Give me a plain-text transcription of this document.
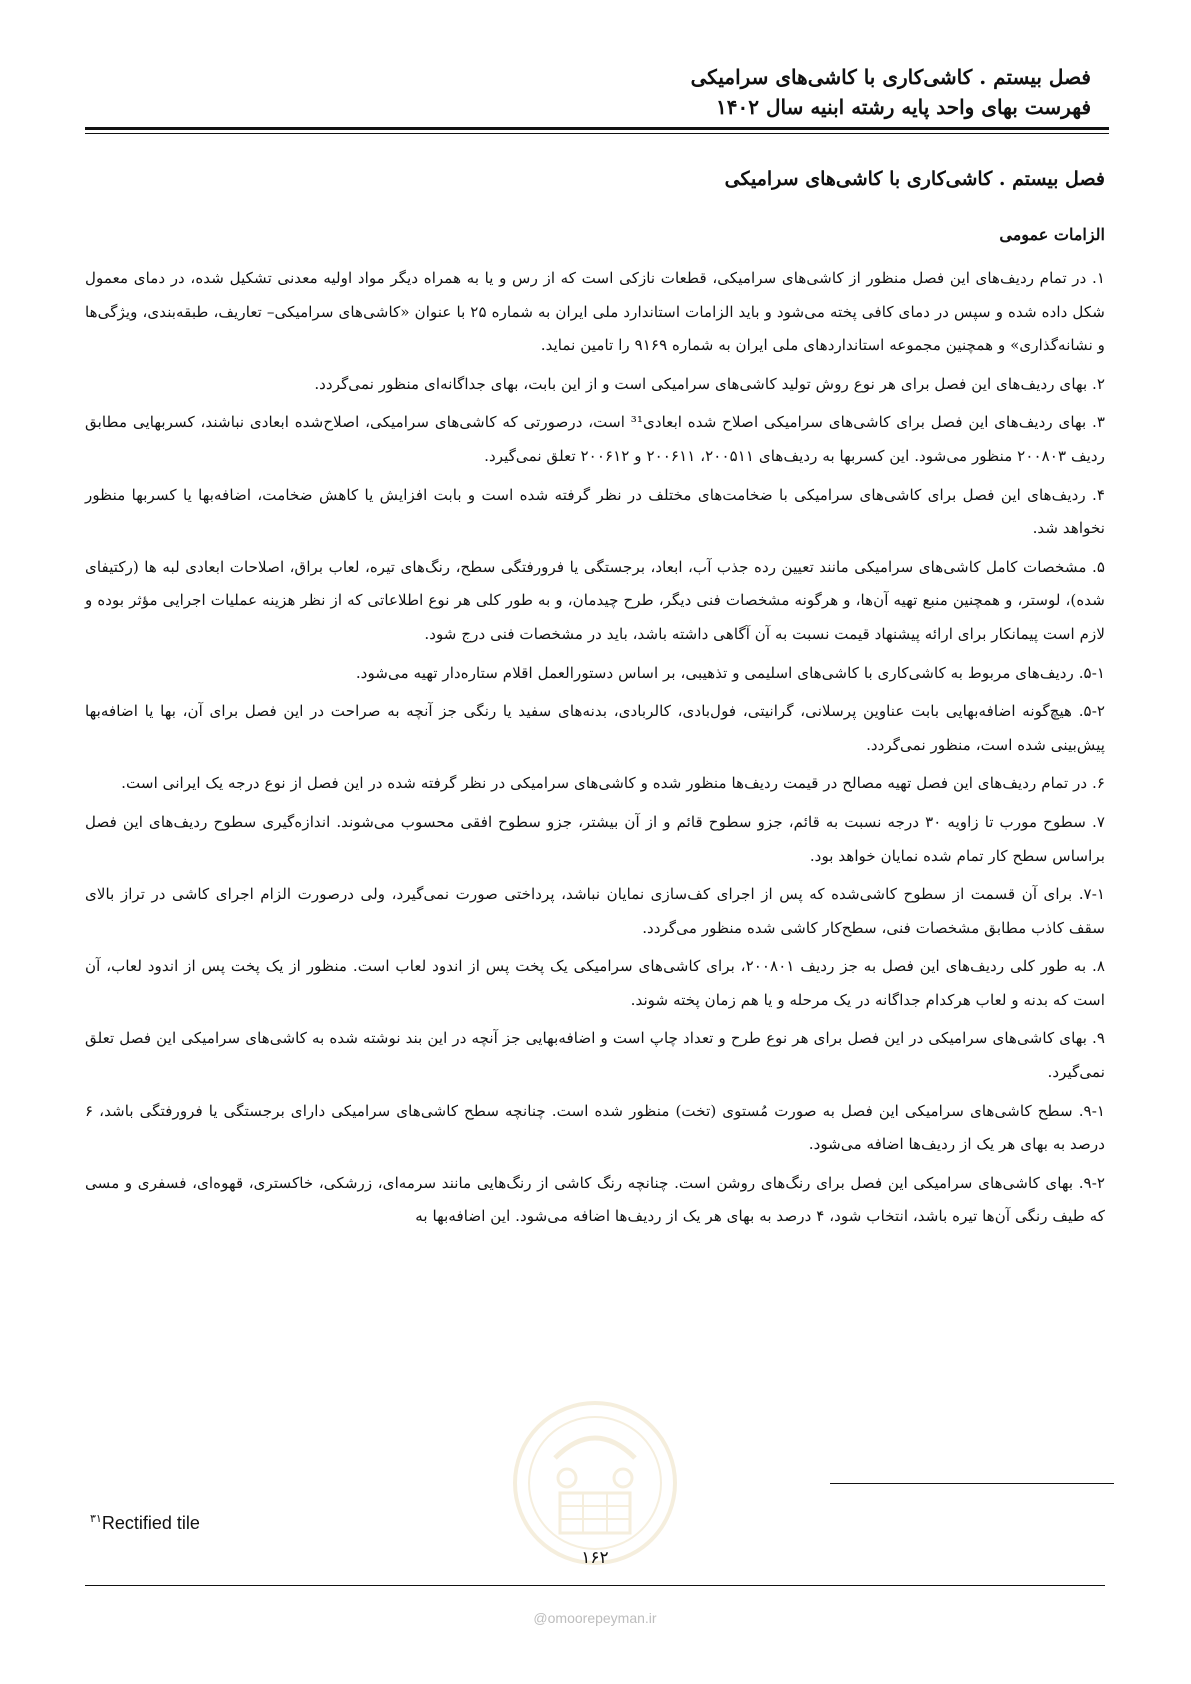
فصل بیستم . کاشی‌کاری با کاشی‌های سرامیکی
فهرست بهای واحد پایه رشته ابنیه سال ۱۴۰۲
فصل بیستم . کاشی‌کاری با کاشی‌های سرامیکی
الزامات عمومی

۱. در تمام ردیف‌های این فصل منظور از کاشی‌های سرامیکی، قطعات نازکی است که از رس و یا به همراه دیگر مواد اولیه معدنی تشکیل شده، در دمای معمول شکل داده شده و سپس در دمای کافی پخته می‌شود و باید الزامات استاندارد ملی ایران به شماره ۲۵ با عنوان «کاشی‌های سرامیکی– تعاریف، طبقه‌بندی، ویژگی‌ها و نشانه‌گذاری» و همچنین مجموعه استانداردهای ملی ایران به شماره ۹۱۶۹ را تامین نماید.

۲. بهای ردیف‌های این فصل برای هر نوع روش تولید کاشی‌های سرامیکی است و از این بابت، بهای جداگانه‌ای منظور نمی‌گردد.

۳. بهای ردیف‌های این فصل برای کاشی‌های سرامیکی اصلاح شده ابعادی³¹ است، درصورتی که کاشی‌های سرامیکی، اصلاح‌شده ابعادی نباشند، کسربهایی مطابق ردیف ۲۰۰۸۰۳ منظور می‌شود. این کسربها به ردیف‌های ۲۰۰۵۱۱، ۲۰۰۶۱۱ و ۲۰۰۶۱۲ تعلق نمی‌گیرد.

۴. ردیف‌های این فصل برای کاشی‌های سرامیکی با ضخامت‌های مختلف در نظر گرفته شده است و بابت افزایش یا کاهش ضخامت، اضافه‌بها یا کسربها منظور نخواهد شد.

۵. مشخصات کامل کاشی‌های سرامیکی مانند تعیین رده جذب آب، ابعاد، برجستگی یا فرورفتگی سطح، رنگ‌های تیره، لعاب براق، اصلاحات ابعادی لبه ها (رکتیفای شده)، لوستر، و همچنین منبع تهیه آن‌ها، و هرگونه مشخصات فنی دیگر، طرح چیدمان، و به طور کلی هر نوع اطلاعاتی که از نظر هزینه عملیات اجرایی مؤثر بوده و لازم است پیمانکار برای ارائه پیشنهاد قیمت نسبت به آن آگاهی داشته باشد، باید در مشخصات فنی درج شود.

۵-۱. ردیف‌های مربوط به کاشی‌کاری با کاشی‌های اسلیمی و تذهیبی، بر اساس دستورالعمل اقلام ستاره‌دار تهیه می‌شود.

۵-۲. هیچ‌گونه اضافه‌بهایی بابت عناوین پرسلانی، گرانیتی، فول‌بادی، کالربادی، بدنه‌های سفید یا رنگی جز آنچه به صراحت در این فصل برای آن، بها یا اضافه‌بها پیش‌بینی شده است، منظور نمی‌گردد.

۶. در تمام ردیف‌های این فصل تهیه مصالح در قیمت ردیف‌ها منظور شده و کاشی‌های سرامیکی در نظر گرفته شده در این فصل از نوع درجه یک ایرانی است.

۷. سطوح مورب تا زاویه ۳۰ درجه نسبت به قائم، جزو سطوح قائم و از آن بیشتر، جزو سطوح افقی محسوب می‌شوند. اندازه‌گیری سطوح ردیف‌های این فصل براساس سطح کار تمام شده نمایان خواهد بود.

۷-۱. برای آن قسمت از سطوح کاشی‌شده که پس از اجرای کف‌سازی نمایان نباشد، پرداختی صورت نمی‌گیرد، ولی درصورت الزام اجرای کاشی در تراز بالای سقف کاذب مطابق مشخصات فنی، سطح‌کار کاشی شده منظور می‌گردد.

۸. به طور کلی ردیف‌های این فصل به جز ردیف ۲۰۰۸۰۱، برای کاشی‌های سرامیکی یک پخت پس از اندود لعاب است. منظور از یک پخت پس از اندود لعاب، آن است که بدنه و لعاب هرکدام جداگانه در یک مرحله و یا هم زمان پخته شوند.

۹. بهای کاشی‌های سرامیکی در این فصل برای هر نوع طرح و تعداد چاپ است و اضافه‌بهایی جز آنچه در این بند نوشته شده به کاشی‌های سرامیکی این فصل تعلق نمی‌گیرد.

۹-۱. سطح کاشی‌های سرامیکی این فصل به صورت مُستوی (تخت) منظور شده است. چنانچه سطح کاشی‌های سرامیکی دارای برجستگی یا فرورفتگی باشد، ۶ درصد به بهای هر یک از ردیف‌ها اضافه می‌شود.

۹-۲. بهای کاشی‌های سرامیکی این فصل برای رنگ‌های روشن است. چنانچه رنگ کاشی از رنگ‌هایی مانند سرمه‌ای، زرشکی، خاکستری، قهوه‌ای، فسفری و مسی که طیف رنگی آن‌ها تیره باشد، انتخاب شود، ۴ درصد به بهای هر یک از ردیف‌ها اضافه می‌شود. این اضافه‌بها به

$^{۳۱}$Rectified tile
۱۶۲
@omoorepeyman.ir
